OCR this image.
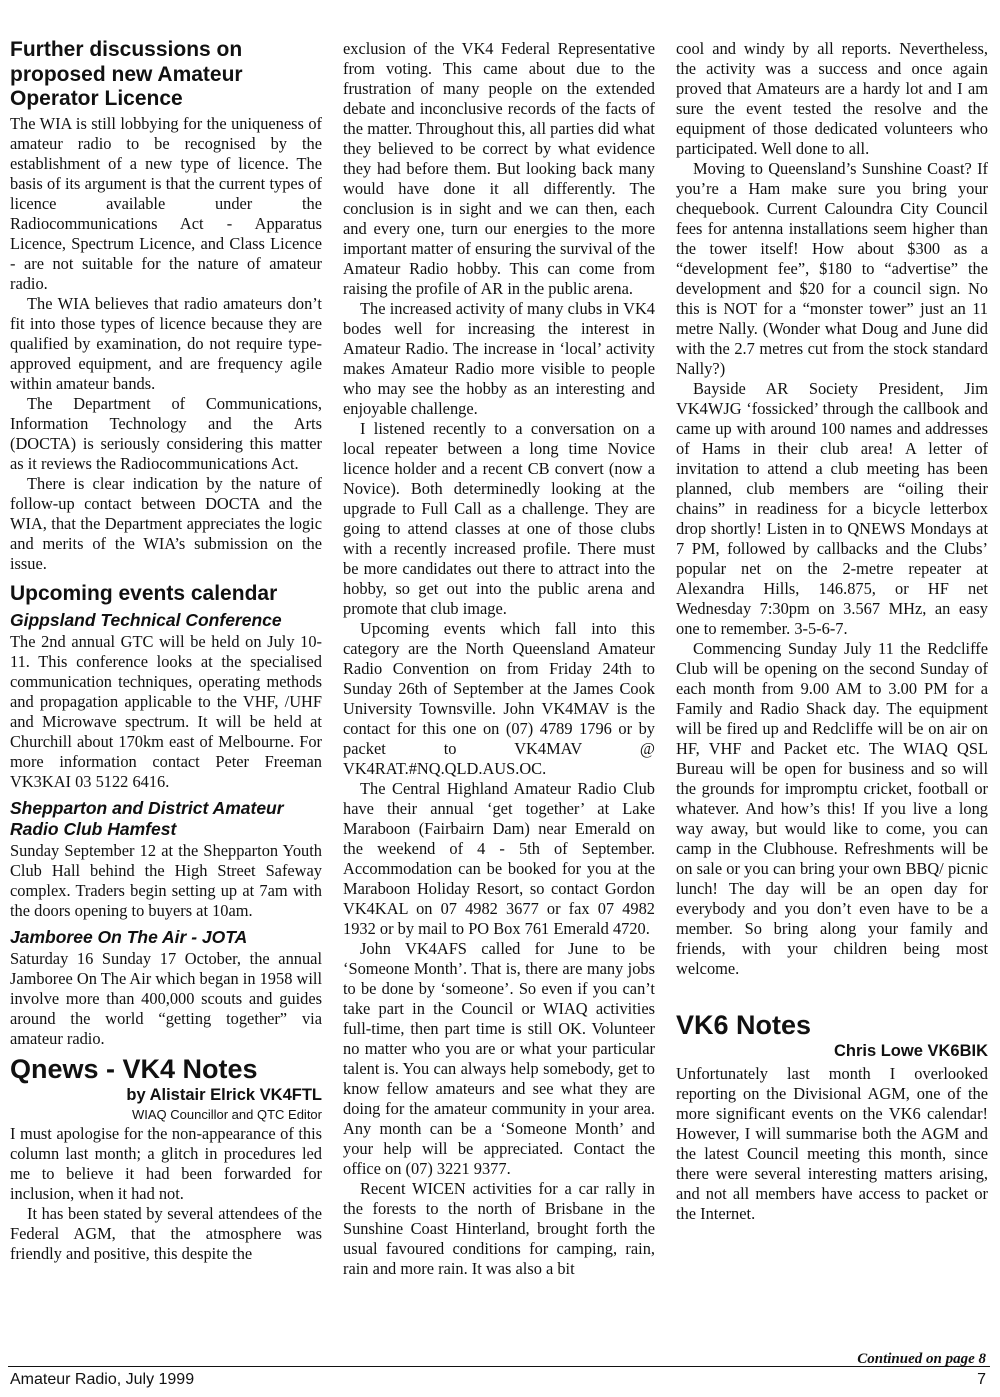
Further discussions on proposed new Amateur Operator Licence

The WIA is still lobbying for the uniqueness of amateur radio to be recognised by the establishment of a new type of licence. The basis of its argument is that the current types of licence available under the Radiocommunications Act - Apparatus Licence, Spectrum Licence, and Class Licence - are not suitable for the nature of amateur radio.

The WIA believes that radio amateurs don’t fit into those types of licence because they are qualified by examination, do not require type-approved equipment, and are frequency agile within amateur bands.

The Department of Communications, Information Technology and the Arts (DOCTA) is seriously considering this matter as it reviews the Radiocommunications Act.

There is clear indication by the nature of follow-up contact between DOCTA and the WIA, that the Department appreciates the logic and merits of the WIA’s submission on the issue.

Upcoming events calendar
Gippsland Technical Conference

The 2nd annual GTC will be held on July 10-11. This conference looks at the specialised communication techniques, operating methods and propagation applicable to the VHF, /UHF and Microwave spectrum. It will be held at Churchill about 170km east of Melbourne. For more information contact Peter Freeman VK3KAI 03 5122 6416.

Shepparton and District Amateur Radio Club Hamfest

Sunday September 12 at the Shepparton Youth Club Hall behind the High Street Safeway complex. Traders begin setting up at 7am with the doors opening to buyers at 10am.

Jamboree On The Air - JOTA

Saturday 16 Sunday 17 October, the annual Jamboree On The Air which began in 1958 will involve more than 400,000 scouts and guides around the world “getting together” via amateur radio.

Qnews - VK4 Notes
by Alistair Elrick VK4FTL
WIAQ Councillor and QTC Editor

I must apologise for the non-appearance of this column last month; a glitch in procedures led me to believe it had been forwarded for inclusion, when it had not.

It has been stated by several attendees of the Federal AGM, that the atmosphere was friendly and positive, this despite the

exclusion of the VK4 Federal Representative from voting. This came about due to the frustration of many people on the extended debate and inconclusive records of the facts of the matter. Throughout this, all parties did what they believed to be correct by what evidence they had before them. But looking back many would have done it all differently. The conclusion is in sight and we can then, each and every one, turn our energies to the more important matter of ensuring the survival of the Amateur Radio hobby. This can come from raising the profile of AR in the public arena.

The increased activity of many clubs in VK4 bodes well for increasing the interest in Amateur Radio. The increase in ‘local’ activity makes Amateur Radio more visible to people who may see the hobby as an interesting and enjoyable challenge.

I listened recently to a conversation on a local repeater between a long time Novice licence holder and a recent CB convert (now a Novice). Both determinedly looking at the upgrade to Full Call as a challenge. They are going to attend classes at one of those clubs with a recently increased profile. There must be more candidates out there to attract into the hobby, so get out into the public arena and promote that club image.

Upcoming events which fall into this category are the North Queensland Amateur Radio Convention on from Friday 24th to Sunday 26th of September at the James Cook University Townsville. John VK4MAV is the contact for this one on (07) 4789 1796 or by packet to VK4MAV @ VK4RAT.#NQ.QLD.AUS.OC.

The Central Highland Amateur Radio Club have their annual ‘get together’ at Lake Maraboon (Fairbairn Dam) near Emerald on the weekend of 4 - 5th of September. Accommodation can be booked for you at the Maraboon Holiday Resort, so contact Gordon VK4KAL on 07 4982 3677 or fax 07 4982 1932 or by mail to PO Box 761 Emerald 4720.

John VK4AFS called for June to be ‘Someone Month’. That is, there are many jobs to be done by ‘someone’. So even if you can’t take part in the Council or WIAQ activities full-time, then part time is still OK. Volunteer no matter who you are or what your particular talent is. You can always help somebody, get to know fellow amateurs and see what they are doing for the amateur community in your area. Any month can be a ‘Someone Month’ and your help will be appreciated. Contact the office on (07) 3221 9377.

Recent WICEN activities for a car rally in the forests to the north of Brisbane in the Sunshine Coast Hinterland, brought forth the usual favoured conditions for camping, rain, rain and more rain. It was also a bit

cool and windy by all reports. Nevertheless, the activity was a success and once again proved that Amateurs are a hardy lot and I am sure the event tested the resolve and the equipment of those dedicated volunteers who participated. Well done to all.

Moving to Queensland’s Sunshine Coast? If you’re a Ham make sure you bring your chequebook. Current Caloundra City Council fees for antenna installations seem higher than the tower itself! How about $300 as a “development fee”, $180 to “advertise” the development and $20 for a council sign. No this is NOT for a “monster tower” just an 11 metre Nally. (Wonder what Doug and June did with the 2.7 metres cut from the stock standard Nally?)

Bayside AR Society President, Jim VK4WJG ‘fossicked’ through the callbook and came up with around 100 names and addresses of Hams in their club area! A letter of invitation to attend a club meeting has been planned, club members are “oiling their chains” in readiness for a bicycle letterbox drop shortly! Listen in to QNEWS Mondays at 7 PM, followed by callbacks and the Clubs’ popular net on the 2-metre repeater at Alexandra Hills, 146.875, or HF net Wednesday 7:30pm on 3.567 MHz, an easy one to remember. 3-5-6-7.

Commencing Sunday July 11 the Redcliffe Club will be opening on the second Sunday of each month from 9.00 AM to 3.00 PM for a Family and Radio Shack day. The equipment will be fired up and Redcliffe will be on air on HF, VHF and Packet etc. The WIAQ QSL Bureau will be open for business and so will the grounds for impromptu cricket, football or whatever. And how’s this! If you live a long way away, but would like to come, you can camp in the Clubhouse. Refreshments will be on sale or you can bring your own BBQ/ picnic lunch! The day will be an open day for everybody and you don’t even have to be a member. So bring along your family and friends, with your children being most welcome.

VK6 Notes
Chris Lowe VK6BIK

Unfortunately last month I overlooked reporting on the Divisional AGM, one of the more significant events on the VK6 calendar! However, I will summarise both the AGM and the latest Council meeting this month, since there were several interesting matters arising, and not all members have access to packet or the Internet.

Continued on page 8
Amateur Radio, July 1999	7
